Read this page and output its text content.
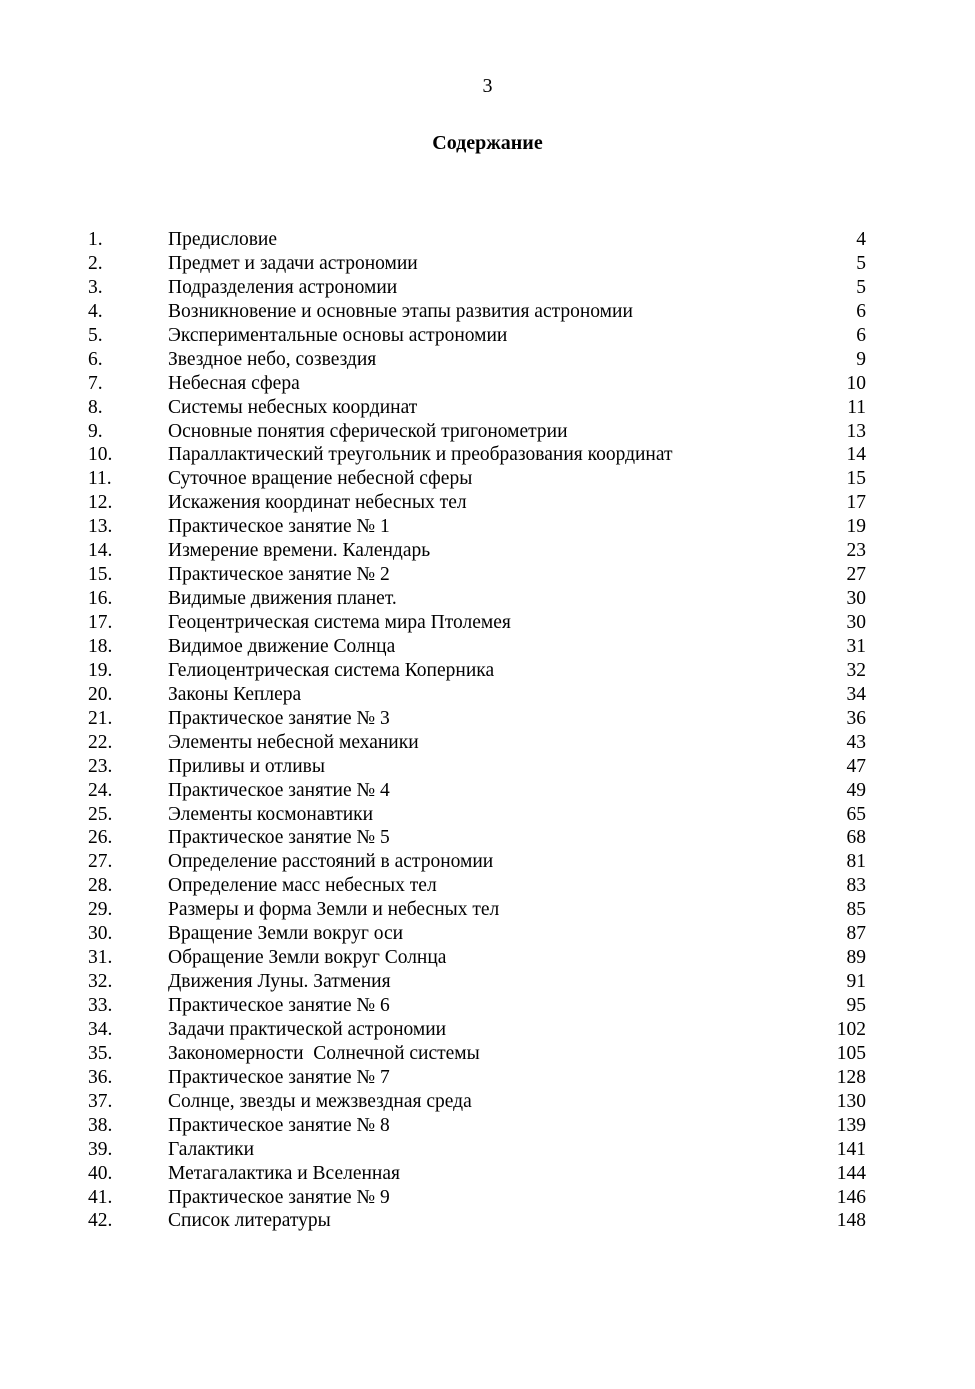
3
Содержание
1.	Предисловие	4
2.	Предмет и задачи астрономии	5
3.	Подразделения астрономии	5
4.	Возникновение и основные этапы развития астрономии	6
5.	Экспериментальные основы астрономии	6
6.	Звездное небо, созвездия	9
7.	Небесная сфера	10
8.	Системы небесных координат	11
9.	Основные понятия сферической тригонометрии	13
10.	Параллактический треугольник и преобразования координат	14
11.	Суточное вращение небесной сферы	15
12.	Искажения координат небесных тел	17
13.	Практическое занятие № 1	19
14.	Измерение времени. Календарь	23
15.	Практическое занятие № 2	27
16.	Видимые движения планет.	30
17.	Геоцентрическая система мира Птолемея	30
18.	Видимое движение Солнца	31
19.	Гелиоцентрическая система Коперника	32
20.	Законы Кеплера	34
21.	Практическое занятие № 3	36
22.	Элементы небесной механики	43
23.	Приливы и отливы	47
24.	Практическое занятие № 4	49
25.	Элементы космонавтики	65
26.	Практическое занятие № 5	68
27.	Определение расстояний в астрономии	81
28.	Определение масс небесных тел	83
29.	Размеры и форма Земли и небесных тел	85
30.	Вращение Земли вокруг оси	87
31.	Обращение Земли вокруг Солнца	89
32.	Движения Луны. Затмения	91
33.	Практическое занятие № 6	95
34.	Задачи практической астрономии	102
35.	Закономерности  Солнечной системы	105
36.	Практическое занятие № 7	128
37.	Солнце, звезды и межзвездная среда	130
38.	Практическое занятие № 8	139
39.	Галактики	141
40.	Метагалактика и Вселенная	144
41.	Практическое занятие № 9	146
42.	Список литературы	148
